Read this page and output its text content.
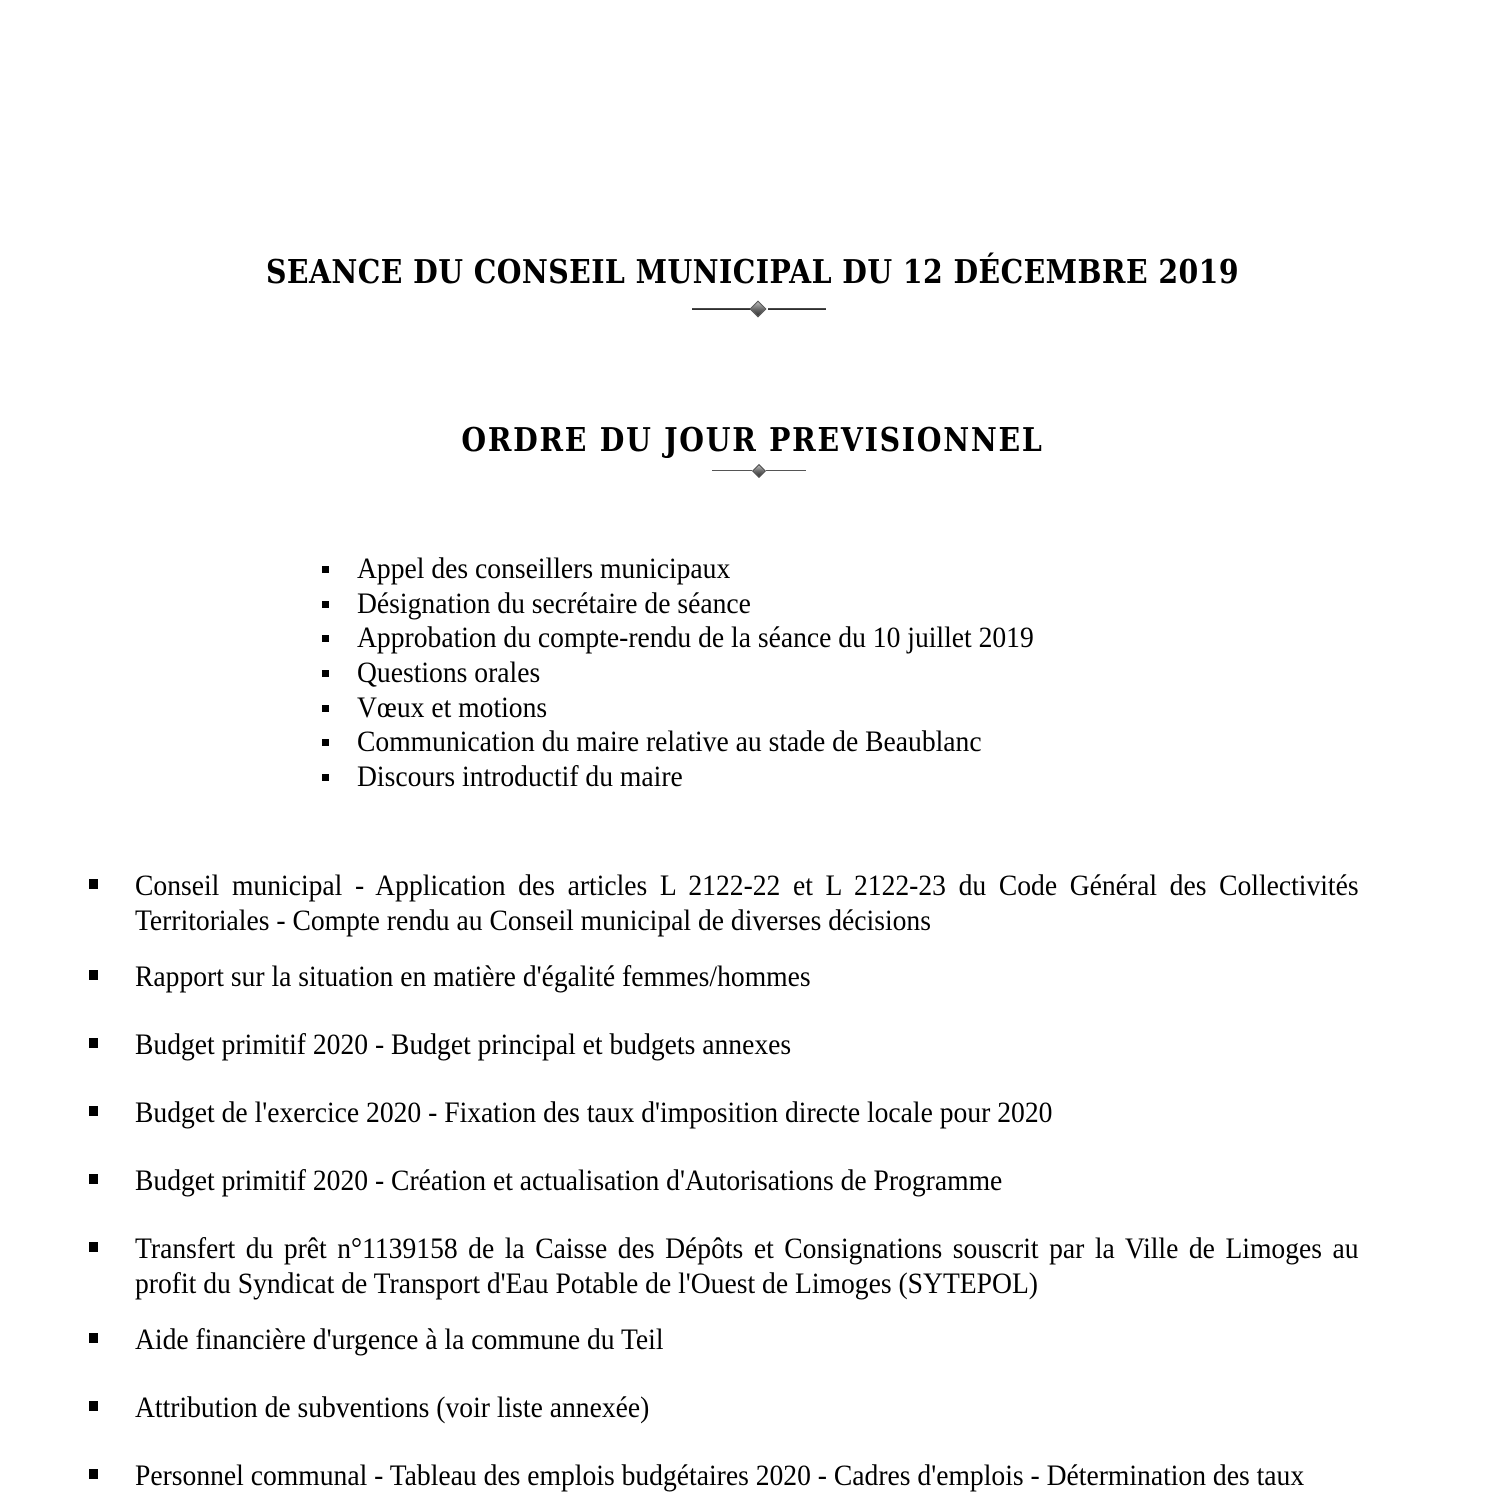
SEANCE DU CONSEIL MUNICIPAL DU 12 DÉCEMBRE 2019
ORDRE DU JOUR PREVISIONNEL
Appel des conseillers municipaux
Désignation du secrétaire de séance
Approbation du compte-rendu de la séance du 10 juillet 2019
Questions orales
Vœux et motions
Communication du maire relative au stade de Beaublanc
Discours introductif du maire
Conseil municipal - Application des articles L 2122-22 et L 2122-23 du Code Général des Collectivités Territoriales - Compte rendu au Conseil municipal de diverses décisions
Rapport sur la situation en matière d'égalité femmes/hommes
Budget primitif 2020 - Budget principal et budgets annexes
Budget de l'exercice 2020 - Fixation des taux d'imposition directe locale pour 2020
Budget primitif 2020 - Création et actualisation d'Autorisations de Programme
Transfert du prêt n°1139158 de la Caisse des Dépôts et Consignations souscrit par la Ville de Limoges au profit du Syndicat de Transport d'Eau Potable de l'Ouest de Limoges (SYTEPOL)
Aide financière d'urgence à la commune du Teil
Attribution de subventions (voir liste annexée)
Personnel communal - Tableau des emplois budgétaires 2020 - Cadres d'emplois - Détermination des taux
